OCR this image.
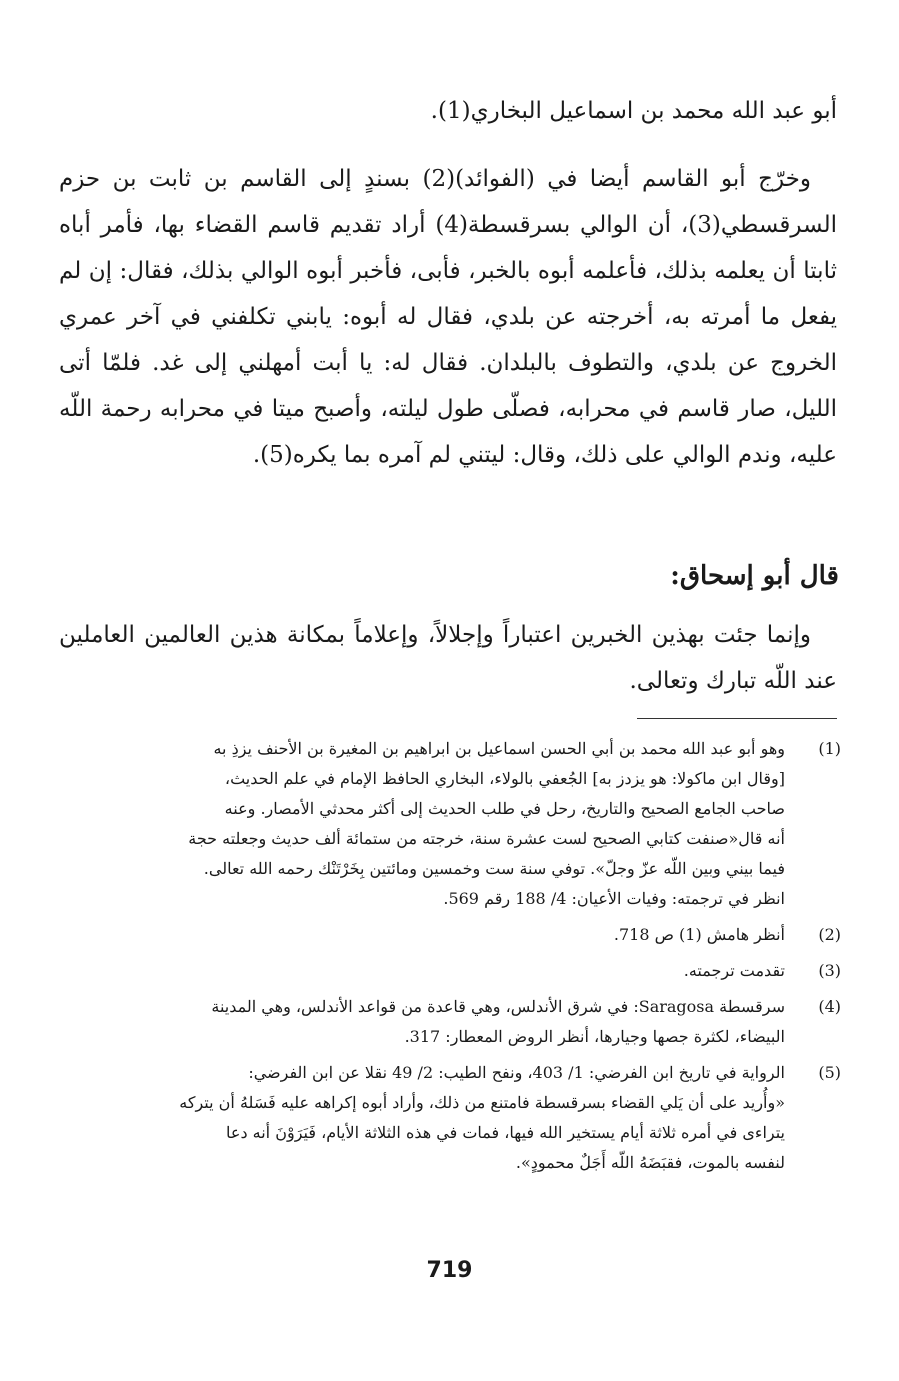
أبو عبد الله محمد بن اسماعيل البخاري(1).

وخرّج أبو القاسم أيضا في (الفوائد)(2) بسندٍ إلى القاسم بن ثابت بن حزم السرقسطي(3)، أن الوالي بسرقسطة(4) أراد تقديم قاسم القضاء بها، فأمر أباه ثابتا أن يعلمه بذلك، فأعلمه أبوه بالخبر، فأبى، فأخبر أبوه الوالي بذلك، فقال: إن لم يفعل ما أمرته به، أخرجته عن بلدي، فقال له أبوه: يابني تكلفني في آخر عمري الخروج عن بلدي، والتطوف بالبلدان. فقال له: يا أبت أمهلني إلى غد. فلمّا أتى الليل، صار قاسم في محرابه، فصلّى طول ليلته، وأصبح ميتا في محرابه رحمة اللّه عليه، وندم الوالي على ذلك، وقال: ليتني لم آمره بما يكره(5).

قال أبو إسحاق:

وإنما جئت بهذين الخبرين اعتباراً وإجلالاً، وإعلاماً بمكانة هذين العالمين العاملين عند اللّه تبارك وتعالى.

(1)
وهو أبو عبد الله محمد بن أبي الحسن اسماعيل بن ابراهيم بن المغيرة بن الأحنف يزذِ به
[وقال ابن ماكولا: هو يزدز به] الجُعفي بالولاء، البخاري الحافظ الإمام في علم الحديث،
صاحب الجامع الصحيح والتاريخ، رحل في طلب الحديث إلى أكثر محدثي الأمصار. وعنه
أنه قال«صنفت كتابي الصحيح لست عشرة سنة، خرجته من ستمائة ألف حديث وجعلته حجة
فيما بيني وبين اللّه عزّ وجلّ». توفي سنة ست وخمسين ومائتين بِخَرْتَنْك رحمه الله تعالى.
انظر في ترجمته: وفيات الأعيان: 4/ 188 رقم 569.
(2)
أنظر هامش (1) ص 718.
(3)
تقدمت ترجمته.
(4)
سرقسطة Saragosa: في شرق الأندلس، وهي قاعدة من قواعد الأندلس، وهي المدينة
البيضاء، لكثرة جصها وجيارها، أنظر الروض المعطار: 317.
(5)
الرواية في تاريخ ابن الفرضي: 1/ 403، ونفح الطيب: 2/ 49 نقلا عن ابن الفرضي:
«وأُريد على أن يَلي القضاء بسرقسطة فامتنع من ذلك، وأراد أبوه إكراهه عليه فَسَلهُ أن يتركه
يتراءى في أمره ثلاثة أيام يستخير الله فيها، فمات في هذه الثلاثة الأيام، فَيَرَوْنَ أنه دعا
لنفسه بالموت، فقبَضَهُ اللّه أَجَلٌ محمودٍ».
719
